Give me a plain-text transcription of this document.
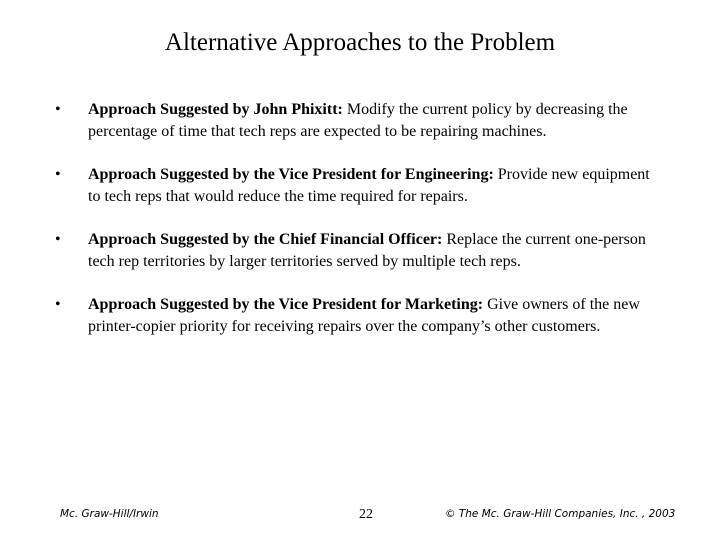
Alternative Approaches to the Problem
•	Approach Suggested by John Phixitt: Modify the current policy by decreasing the percentage of time that tech reps are expected to be repairing machines.
•	Approach Suggested by the Vice President for Engineering: Provide new equipment to tech reps that would reduce the time required for repairs.
•	Approach Suggested by the Chief Financial Officer: Replace the current one-person tech rep territories by larger territories served by multiple tech reps.
•	Approach Suggested by the Vice President for Marketing: Give owners of the new printer-copier priority for receiving repairs over the company’s other customers.
Mc. Graw-Hill/Irwin	22	© The Mc. Graw-Hill Companies, Inc. , 2003
